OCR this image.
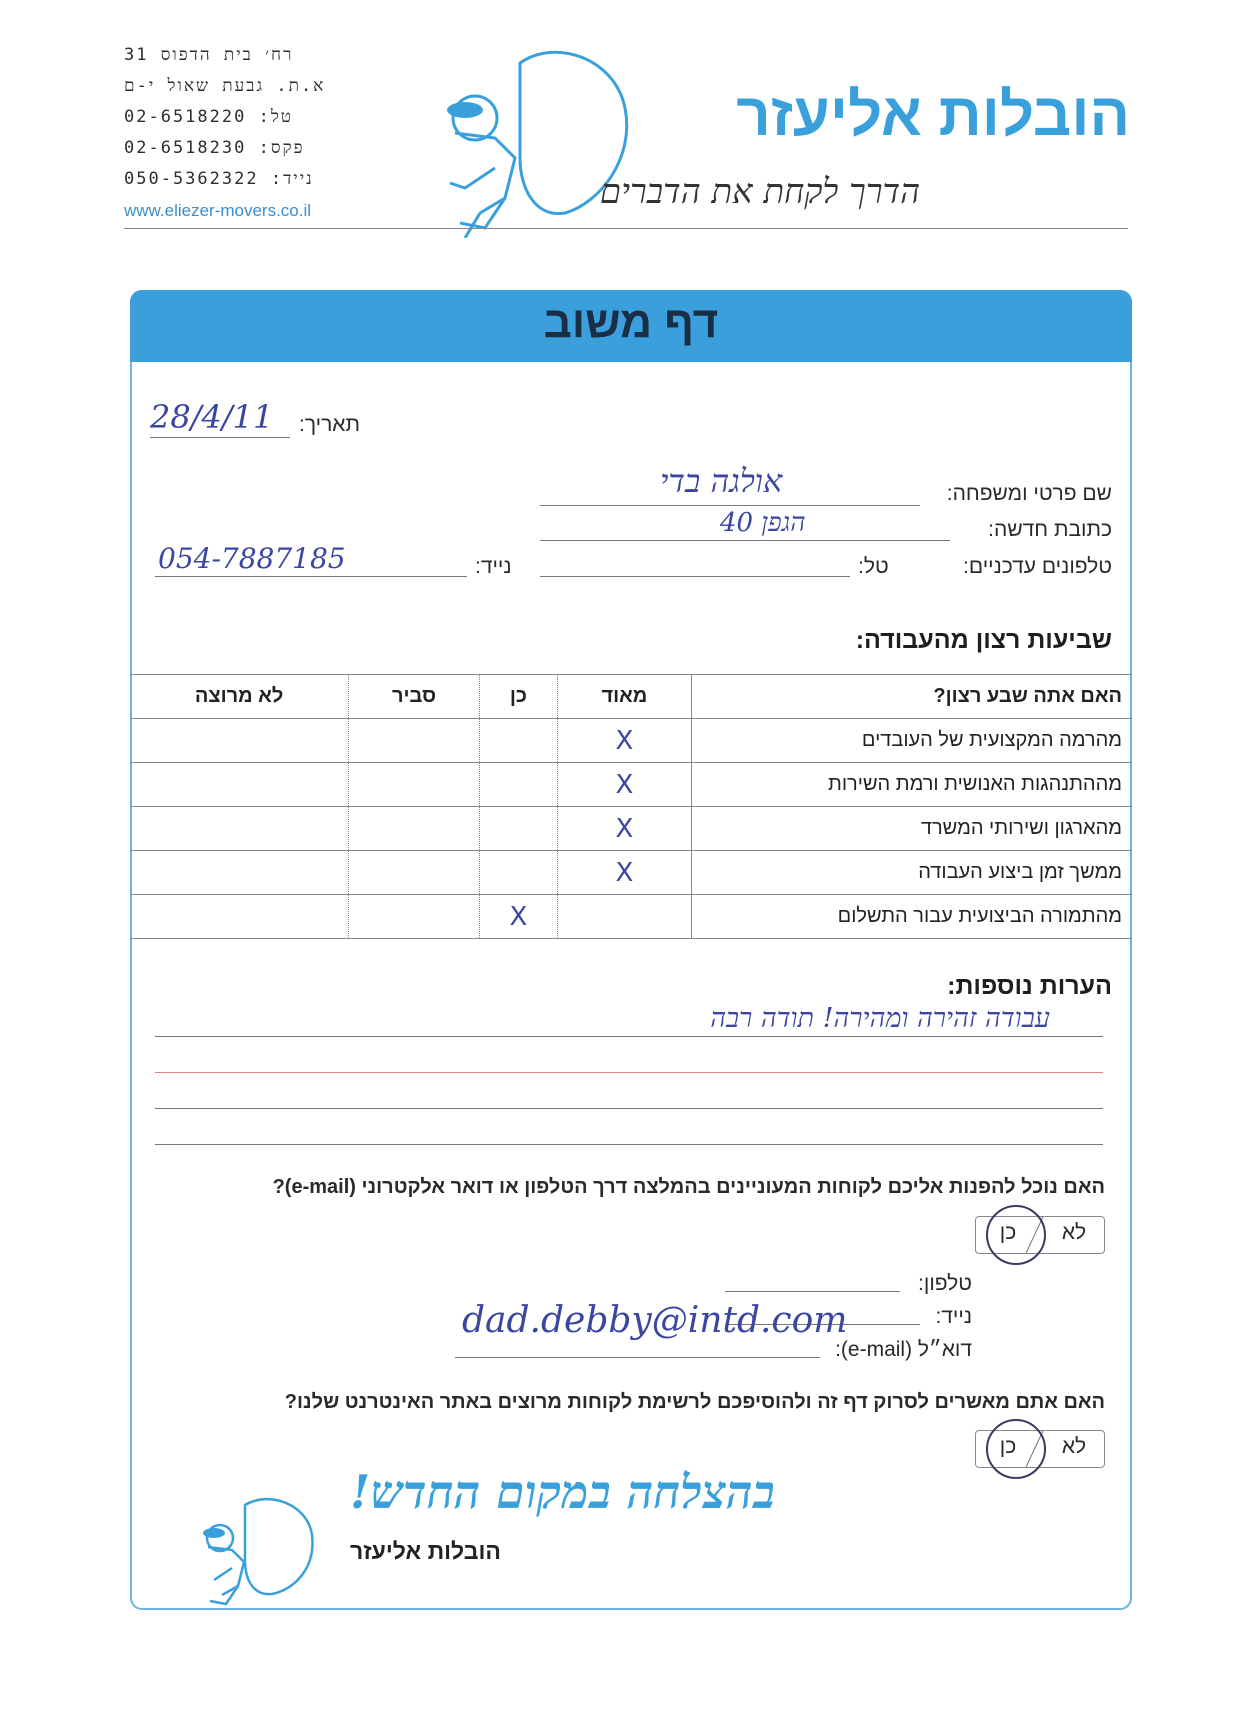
רח׳ בית הדפוס 31
א.ת. גבעת שאול י-ם
טל: 02-6518220
פקס: 02-6518230
נייד: 050-5362322
www.eliezer-movers.co.il
הובלות אליעזר
הדרך לקחת את הדברים
דף משוב
תאריך:
28/4/11
שם פרטי ומשפחה:
אולגה בדי
כתובת חדשה:
הגפן 40
טלפונים עדכניים:
טל:
נייד:
054-7887185
שביעות רצון מהעבודה:
האם אתה שבע רצון?	מאוד	כן	סביר	לא מרוצה
מהרמה המקצועית של העובדים	X			
מההתנהגות האנושית ורמת השירות	X			
מהארגון ושירותי המשרד	X			
ממשך זמן ביצוע העבודה	X			
מהתמורה הביצועית עבור התשלום		X		
הערות נוספות:
עבודה זהירה ומהירה! תודה רבה
האם נוכל להפנות אליכם לקוחות המעוניינים בהמלצה דרך הטלפון או דואר אלקטרוני (e-mail)?
לא
כן
טלפון:
נייד:
דוא״ל (e-mail):
dad.debby@intd.com
האם אתם מאשרים לסרוק דף זה ולהוסיפכם לרשימת לקוחות מרוצים באתר האינטרנט שלנו?
לא
כן
בהצלחה במקום החדש!
הובלות אליעזר
